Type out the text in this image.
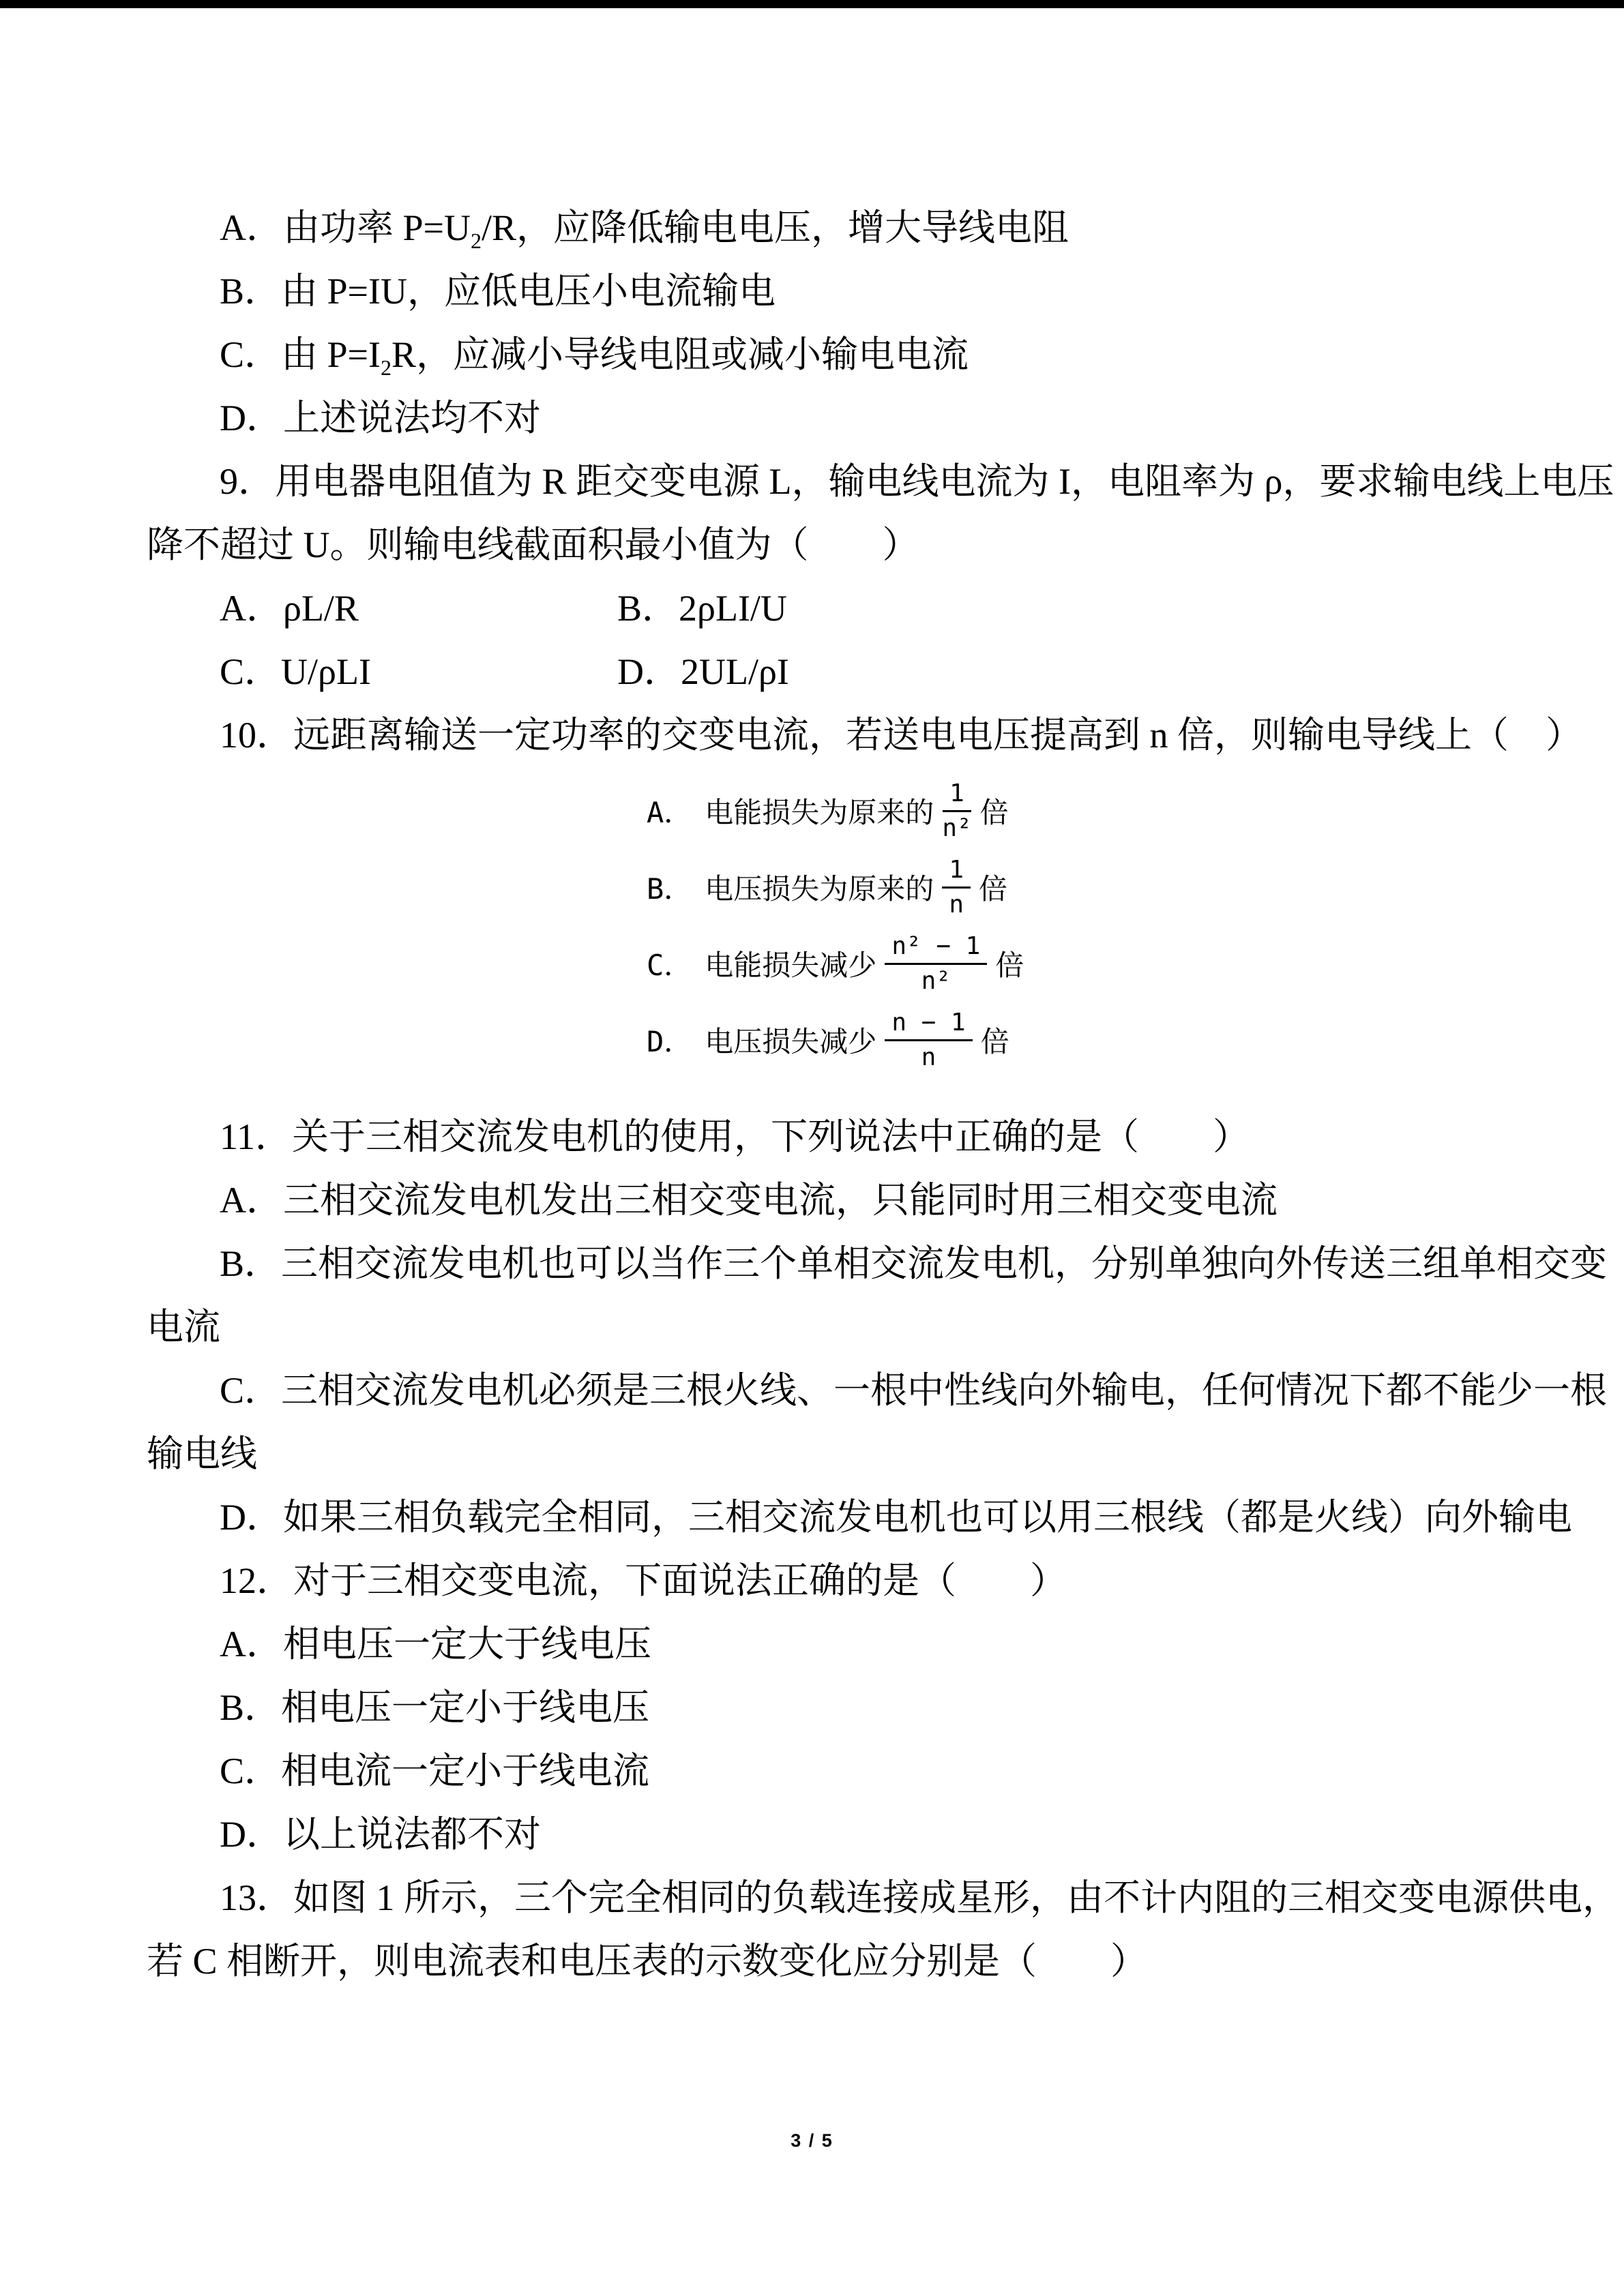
A．由功率 $P=U_2/R$，应降低输电电压，增大导线电阻
B．由 P=IU，应低电压小电流输电
C．由 $P=I_2R$，应减小导线电阻或减小输电电流
D．上述说法均不对
9．用电器电阻值为 R 距交变电源 L，输电线电流为 I，电阻率为 ρ，要求输电线上电压
降不超过 U。则输电线截面积最小值为（　　）
A．ρL/R	B．2ρLI/U
C．U/ρLI	D．2UL/ρI
10．远距离输送一定功率的交变电流，若送电电压提高到 n 倍，则输电导线上（　）
A． 电能损失为原来的 $\frac{1}{\text{n²}}$ 倍
B． 电压损失为原来的 $\frac{1}{n}$ 倍
C． 电能损失减少 $\frac{\text{n² − 1}}{\text{n²}}$ 倍
D． 电压损失减少 $\frac{n - 1}{n}$ 倍
11．关于三相交流发电机的使用，下列说法中正确的是（　　）
A．三相交流发电机发出三相交变电流，只能同时用三相交变电流
B．三相交流发电机也可以当作三个单相交流发电机，分别单独向外传送三组单相交变
电流
C．三相交流发电机必须是三根火线、一根中性线向外输电，任何情况下都不能少一根
输电线
D．如果三相负载完全相同，三相交流发电机也可以用三根线（都是火线）向外输电
12．对于三相交变电流，下面说法正确的是（　　）
A．相电压一定大于线电压
B．相电压一定小于线电压
C．相电流一定小于线电流
D．以上说法都不对
13．如图 1 所示，三个完全相同的负载连接成星形，由不计内阻的三相交变电源供电，
若 C 相断开，则电流表和电压表的示数变化应分别是（　　）
3 / 5
